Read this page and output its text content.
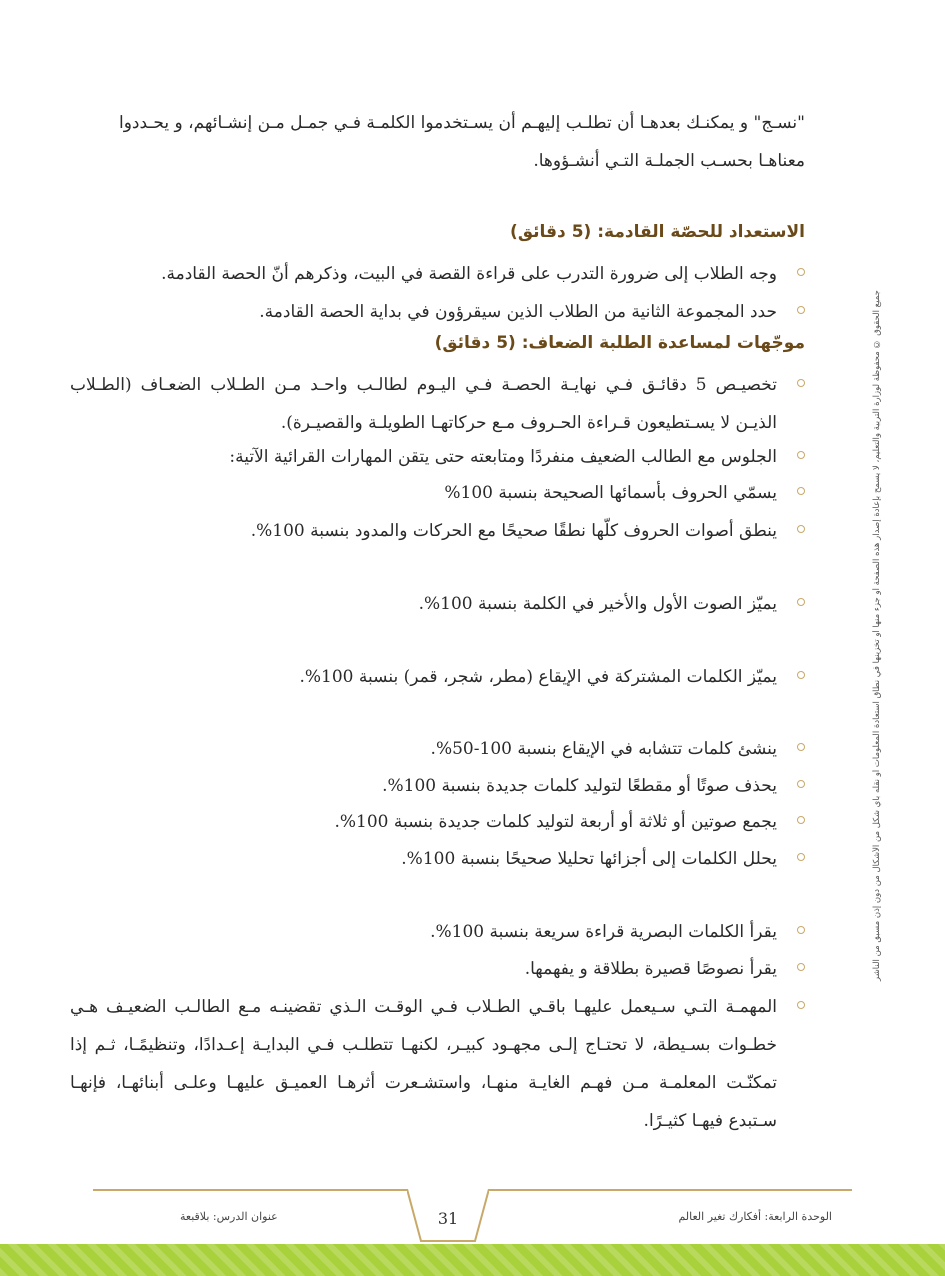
"نسـج" و يمكنـك بعدهـا أن تطلـب إليهـم أن يسـتخدموا الكلمـة فـي جمـل مـن إنشـائهم، و يحـددوا
معناهـا بحسـب الجملـة التـي أنشـؤوها.

الاستعداد للحصّة القادمة: (5 دقائق)
وجه الطلاب إلى ضرورة التدرب على قراءة القصة في البيت، وذكرهم أنّ الحصة القادمة.
حدد المجموعة الثانية من الطلاب الذين سيقرؤون في بداية الحصة القادمة.
موجّهات لمساعدة الطلبة الضعاف: (5 دقائق)
تخصيـص 5 دقائـق فـي نهايـة الحصـة فـي اليـوم لطالـب واحـد مـن الطـلاب الضعـاف (الطـلاب الذيـن لا يسـتطيعون قـراءة الحـروف مـع حركاتهـا الطويلـة والقصيـرة).
الجلوس مع الطالب الضعيف منفردًا ومتابعته حتى يتقن المهارات القرائية الآتية:
يسمّي الحروف بأسمائها الصحيحة بنسبة 100%
ينطق أصوات الحروف كلّها نطقًا صحيحًا مع الحركات والمدود بنسبة 100%.
يميّز الصوت الأول والأخير في الكلمة بنسبة 100%.
يميّز الكلمات المشتركة في الإيقاع (مطر، شجر، قمر) بنسبة 100%.
ينشئ كلمات تتشابه في الإيقاع بنسبة 100-50%.
يحذف صوتًا أو مقطعًا لتوليد كلمات جديدة بنسبة 100%.
يجمع صوتين أو ثلاثة أو أربعة لتوليد كلمات جديدة بنسبة 100%.
يحلل الكلمات إلى أجزائها تحليلا صحيحًا بنسبة 100%.
يقرأ الكلمات البصرية قراءة سريعة بنسبة 100%.
يقرأ نصوصًا قصيرة بطلاقة و يفهمها.
المهمـة التـي سـيعمل عليهـا باقـي الطـلاب فـي الوقـت الـذي تقضينـه مـع الطالـب الضعيـف هـي خطـوات بسـيطة، لا تحتـاج إلـى مجهـود كبيـر، لكنهـا تتطلـب فـي البدايـة إعـدادًا، وتنظيمًـا، ثـم إذا تمكنّـت المعلمـة مـن فهـم الغايـة منهـا، واستشـعرت أثرهـا العميـق عليهـا وعلـى أبنائهـا، فإنهـا سـتبدع فيهـا كثيـرًا.
جميع الحقوق © محفوظة لوزارة التربية والتعليم، لا يسمح بإعادة إصدار هذه الصفحة أو جزء منها أو تخزينها في نطاق استعادة المعلومات أو نقله بأي شكل من الأشكال من دون إذن مسبق من الناشر
31
عنوان الدرس: بلاقبعة	الوحدة الرابعة: أفكارك تغير العالم
